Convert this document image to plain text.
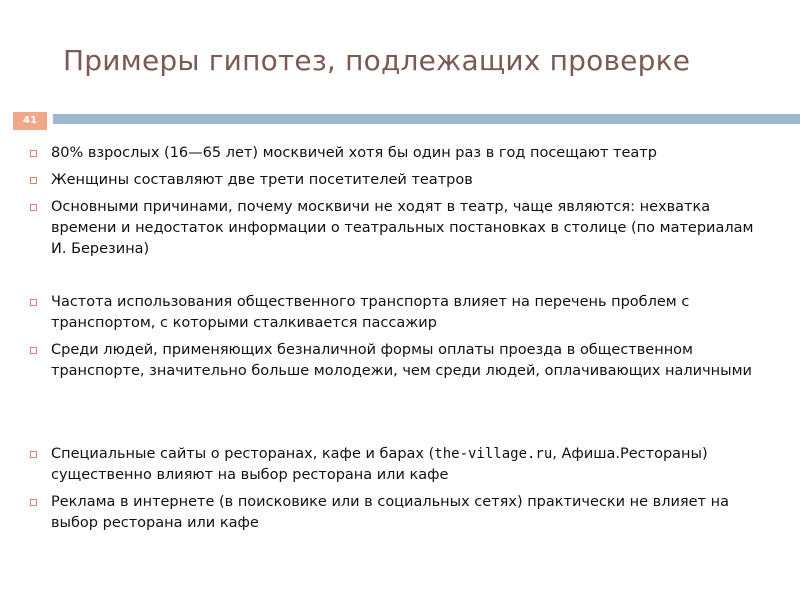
Примеры гипотез, подлежащих проверке
41
80% взрослых (16—65 лет) москвичей хотя бы один раз в год посещают театр
Женщины составляют две трети посетителей театров
Основными причинами, почему москвичи не ходят в театр, чаще являются: нехватка времени и недостаток информации о театральных постановках в столице (по материалам И. Березина)
Частота использования общественного транспорта влияет на перечень проблем с транспортом, с которыми сталкивается пассажир
Среди людей, применяющих безналичной формы оплаты проезда в общественном транспорте, значительно больше молодежи, чем среди людей, оплачивающих наличными
Специальные сайты о ресторанах, кафе и барах (the-village.ru, Афиша.Рестораны) существенно влияют на выбор ресторана или кафе
Реклама в интернете (в поисковике или в социальных сетях) практически не влияет на выбор ресторана или кафе
